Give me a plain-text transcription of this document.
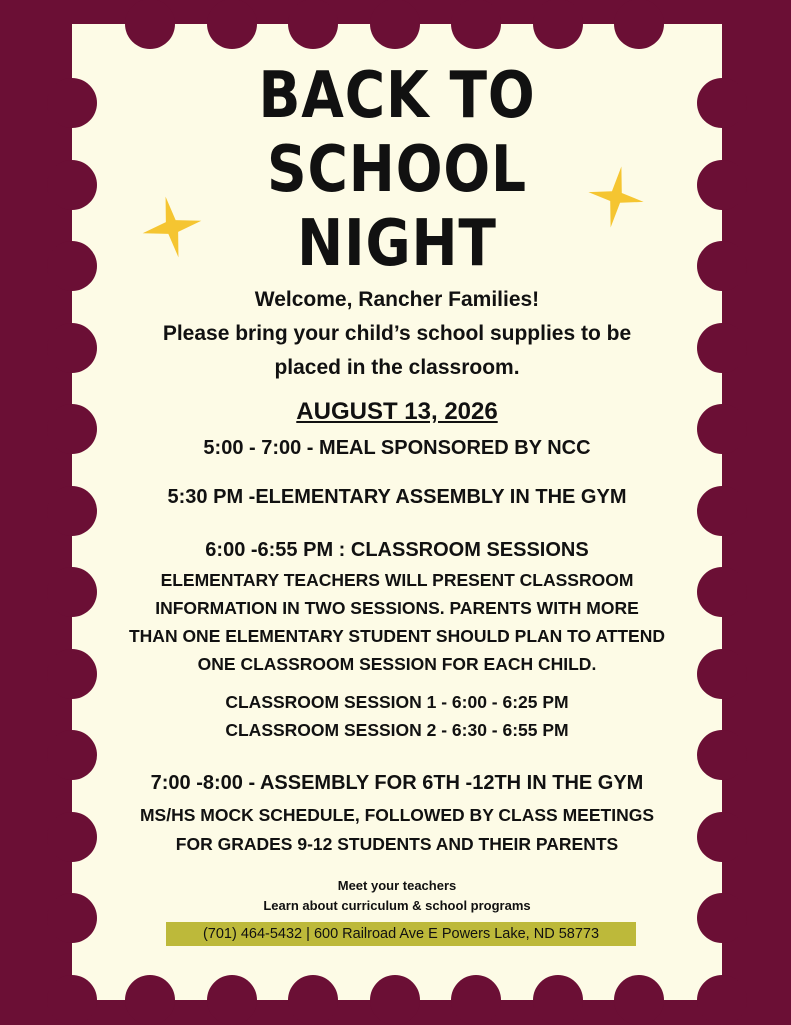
BACK TO
SCHOOL
NIGHT
Welcome, Rancher Families!
Please bring your child’s school supplies to be
placed in the classroom.
AUGUST 13, 2026
5:00 - 7:00 - MEAL SPONSORED BY NCC
5:30 PM -ELEMENTARY ASSEMBLY IN THE GYM
6:00 -6:55 PM : CLASSROOM SESSIONS
ELEMENTARY TEACHERS WILL PRESENT CLASSROOM
INFORMATION IN TWO SESSIONS. PARENTS WITH MORE
THAN ONE ELEMENTARY STUDENT SHOULD PLAN TO ATTEND
ONE CLASSROOM SESSION FOR EACH CHILD.
CLASSROOM SESSION 1 - 6:00 - 6:25 PM
CLASSROOM SESSION 2 - 6:30 - 6:55 PM
7:00 -8:00 - ASSEMBLY FOR 6TH -12TH IN THE GYM
MS/HS MOCK SCHEDULE, FOLLOWED BY CLASS MEETINGS
FOR GRADES 9-12 STUDENTS AND THEIR PARENTS
Meet your teachers
Learn about curriculum & school programs
(701) 464-5432 | 600 Railroad Ave E Powers Lake, ND 58773
